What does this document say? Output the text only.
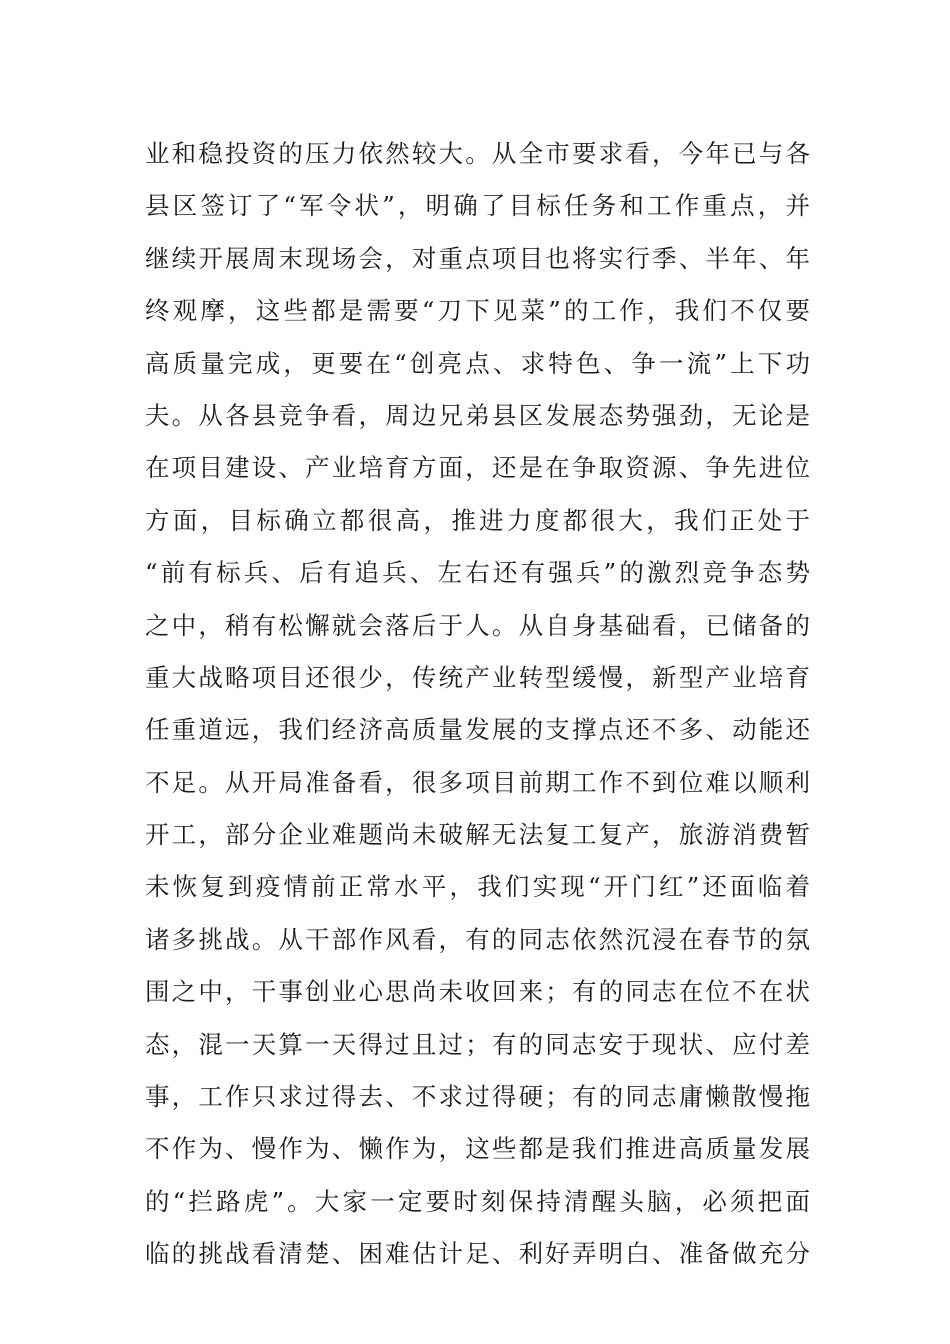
业和稳投资的压力依然较大。从全市要求看，今年已与各
县区签订了“军令状”，明确了目标任务和工作重点，并
继续开展周末现场会，对重点项目也将实行季、半年、年
终观摩，这些都是需要“刀下见菜”的工作，我们不仅要
高质量完成，更要在“创亮点、求特色、争一流”上下功
夫。从各县竞争看，周边兄弟县区发展态势强劲，无论是
在项目建设、产业培育方面，还是在争取资源、争先进位
方面，目标确立都很高，推进力度都很大，我们正处于
“前有标兵、后有追兵、左右还有强兵”的激烈竞争态势
之中，稍有松懈就会落后于人。从自身基础看，已储备的
重大战略项目还很少，传统产业转型缓慢，新型产业培育
任重道远，我们经济高质量发展的支撑点还不多、动能还
不足。从开局准备看，很多项目前期工作不到位难以顺利
开工，部分企业难题尚未破解无法复工复产，旅游消费暂
未恢复到疫情前正常水平，我们实现“开门红”还面临着
诸多挑战。从干部作风看，有的同志依然沉浸在春节的氛
围之中，干事创业心思尚未收回来；有的同志在位不在状
态，混一天算一天得过且过；有的同志安于现状、应付差
事，工作只求过得去、不求过得硬；有的同志庸懒散慢拖
不作为、慢作为、懒作为，这些都是我们推进高质量发展
的“拦路虎”。大家一定要时刻保持清醒头脑，必须把面
临的挑战看清楚、困难估计足、利好弄明白、准备做充分
